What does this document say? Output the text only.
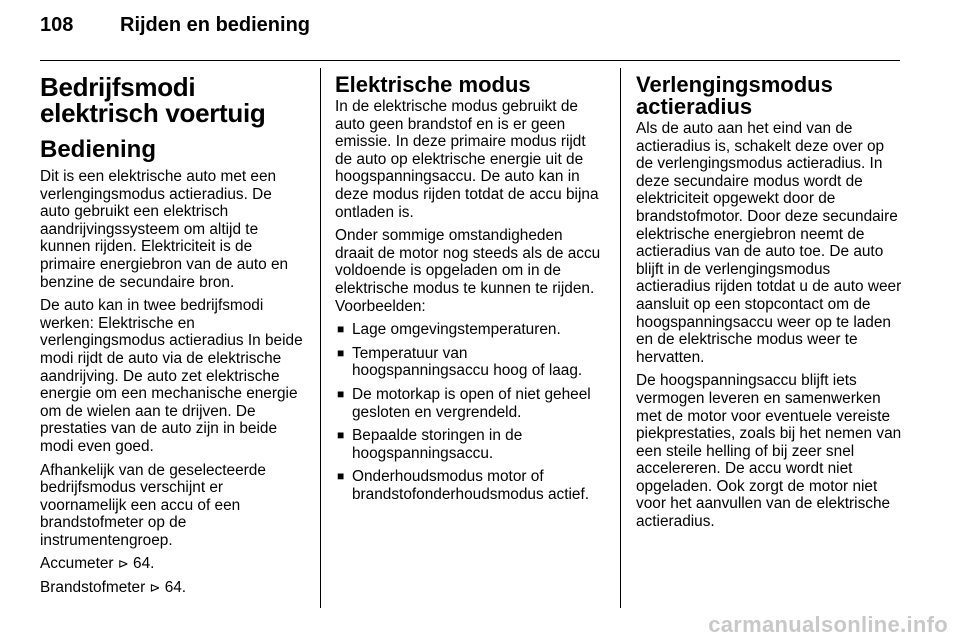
108 Rijden en bediening
Bedrijfsmodi elektrisch voertuig
Bediening

Dit is een elektrische auto met een verlengingsmodus actieradius. De auto gebruikt een elektrisch aandrijvingssysteem om altijd te kunnen rijden. Elektriciteit is de primaire energiebron van de auto en benzine de secundaire bron.

De auto kan in twee bedrijfsmodi werken: Elektrische en verlengingsmodus actieradius In beide modi rijdt de auto via de elektrische aandrijving. De auto zet elektrische energie om een mechanische energie om de wielen aan te drijven. De prestaties van de auto zijn in beide modi even goed.

Afhankelijk van de geselecteerde bedrijfsmodus verschijnt er voornamelijk een accu of een brandstofmeter op de instrumentengroep.

Accumeter ⊳ 64.

Brandstofmeter ⊳ 64.

Elektrische modus

In de elektrische modus gebruikt de auto geen brandstof en is er geen emissie. In deze primaire modus rijdt de auto op elektrische energie uit de hoogspanningsaccu. De auto kan in deze modus rijden totdat de accu bijna ontladen is.

Onder sommige omstandigheden draait de motor nog steeds als de accu voldoende is opgeladen om in de elektrische modus te kunnen te rijden. Voorbeelden:

■ Lage omgevingstemperaturen.
■ Temperatuur van hoogspanningsaccu hoog of laag.
■ De motorkap is open of niet geheel gesloten en vergrendeld.
■ Bepaalde storingen in de hoogspanningsaccu.
■ Onderhoudsmodus motor of brandstofonderhoudsmodus actief.
Verlengingsmodus actieradius

Als de auto aan het eind van de actieradius is, schakelt deze over op de verlengingsmodus actieradius. In deze secundaire modus wordt de elektriciteit opgewekt door de brandstofmotor. Door deze secundaire elektrische energiebron neemt de actieradius van de auto toe. De auto blijft in de verlengingsmodus actieradius rijden totdat u de auto weer aansluit op een stopcontact om de hoogspanningsaccu weer op te laden en de elektrische modus weer te hervatten.

De hoogspanningsaccu blijft iets vermogen leveren en samenwerken met de motor voor eventuele vereiste piekprestaties, zoals bij het nemen van een steile helling of bij zeer snel accelereren. De accu wordt niet opgeladen. Ook zorgt de motor niet voor het aanvullen van de elektrische actieradius.

carmanualsonline.info
